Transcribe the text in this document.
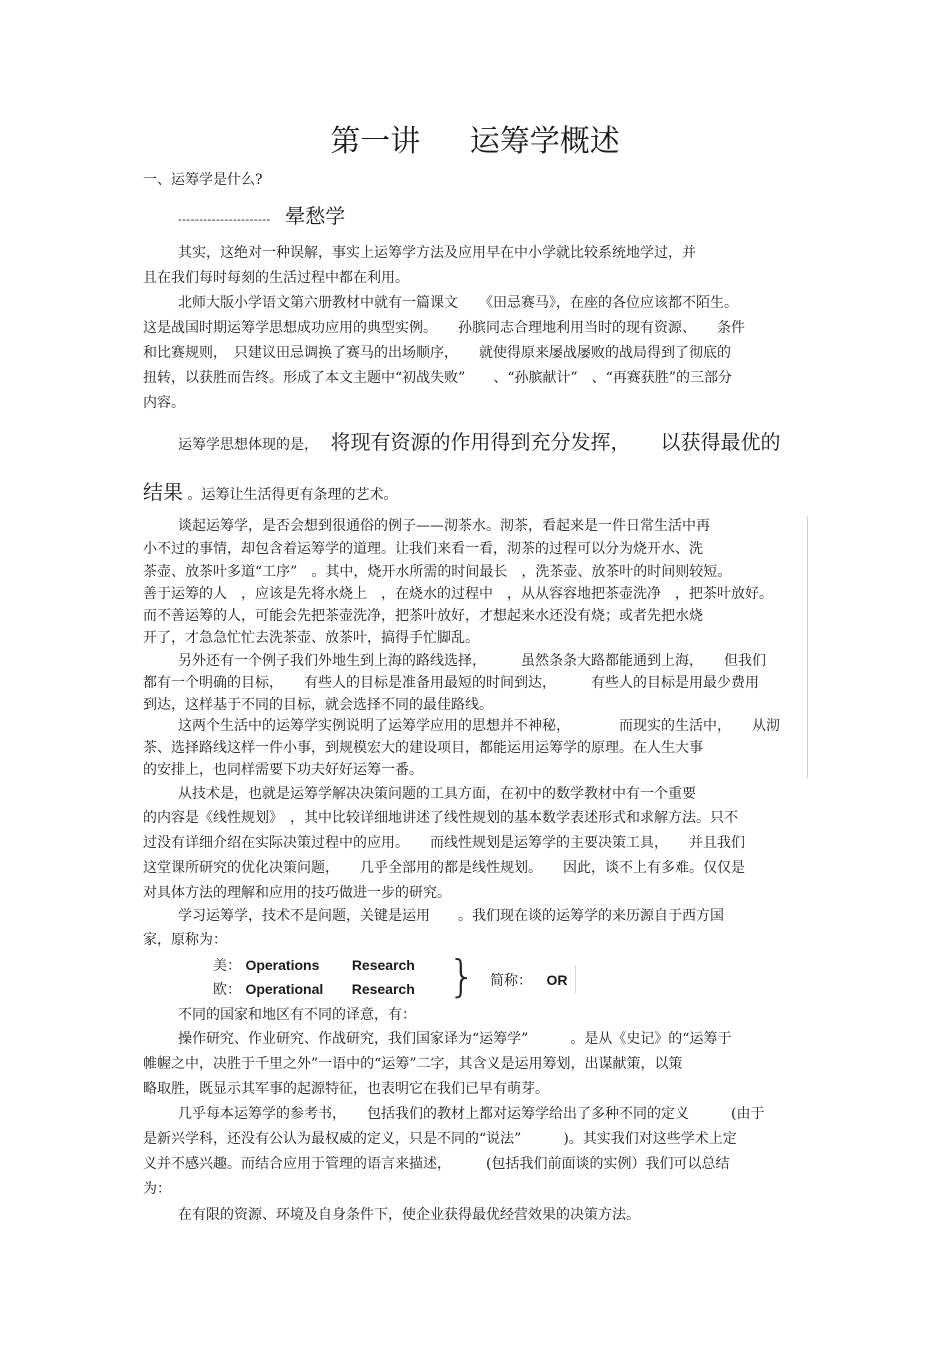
第一讲 运筹学概述
一、运筹学是什么?
---------------------- 晕愁学
其实，这绝对一种误解，事实上运筹学方法及应用早在中小学就比较系统地学过，并
且在我们每时每刻的生活过程中都在利用。
北师大版小学语文第六册教材中就有一篇课文　　《田忌赛马》，在座的各位应该都不陌生。
这是战国时期运筹学思想成功应用的典型实例。　　孙膑同志合理地利用当时的现有资源、　　条件
和比赛规则，　只建议田忌调换了赛马的出场顺序，　　就使得原来屡战屡败的战局得到了彻底的
扭转，以获胜而告终。形成了本文主题中“初战失败”　　、“孙膑献计”　、“再赛获胜”的三部分
内容。
运筹学思想体现的是， 将现有资源的作用得到充分发挥，　　以获得最优的
结果 。运筹让生活得更有条理的艺术。
谈起运筹学，是否会想到很通俗的例子——沏茶水。沏茶，看起来是一件日常生活中再
小不过的事情，却包含着运筹学的道理。让我们来看一看，沏茶的过程可以分为烧开水、洗
茶壶、放茶叶多道“工序”　。其中，烧开水所需的时间最长　，洗茶壶、放茶叶的时间则较短。
善于运筹的人　，应该是先将水烧上　，在烧水的过程中　，从从容容地把茶壶洗净　，把茶叶放好。
而不善运筹的人，可能会先把茶壶洗净，把茶叶放好，才想起来水还没有烧；或者先把水烧
开了，才急急忙忙去洗茶壶、放茶叶，搞得手忙脚乱。
另外还有一个例子我们外地生到上海的路线选择，　　　虽然条条大路都能通到上海，　　但我们
都有一个明确的目标，　　有些人的目标是准备用最短的时间到达，　　　有些人的目标是用最少费用
到达，这样基于不同的目标，就会选择不同的最佳路线。
这两个生活中的运筹学实例说明了运筹学应用的思想并不神秘，　　　　而现实的生活中，　　从沏
茶、选择路线这样一件小事，到规模宏大的建设项目，都能运用运筹学的原理。在人生大事
的安排上，也同样需要下功夫好好运筹一番。
从技术是，也就是运筹学解决决策问题的工具方面，在初中的数学教材中有一个重要
的内容是《线性规划》　，其中比较详细地讲述了线性规划的基本数学表述形式和求解方法。只不
过没有详细介绍在实际决策过程中的应用。　　而线性规划是运筹学的主要决策工具，　　并且我们
这堂课所研究的优化决策问题，　　几乎全部用的都是线性规划。　　因此，谈不上有多难。仅仅是
对具体方法的理解和应用的技巧做进一步的研究。
学习运筹学，技术不是问题，关键是运用　　。我们现在谈的运筹学的来历源自于西方国
家，原称为：
美： Operations Research
欧： Operational Research } 简称： OR
不同的国家和地区有不同的译意，有：
操作研究、作业研究、作战研究，我们国家译为“运筹学”　　　。是从《史记》的“运筹于
帷幄之中，决胜于千里之外”一语中的“运筹”二字，其含义是运用筹划，出谋献策，以策
略取胜，既显示其军事的起源特征，也表明它在我们已早有萌芽。
几乎每本运筹学的参考书，　　包括我们的教材上都对运筹学给出了多种不同的定义　　　(由于
是新兴学科，还没有公认为最权威的定义，只是不同的“说法”　　　)。其实我们对这些学术上定
义并不感兴趣。而结合应用于管理的语言来描述，　　　(包括我们前面谈的实例）我们可以总结
为：
在有限的资源、环境及自身条件下，使企业获得最优经营效果的决策方法。
